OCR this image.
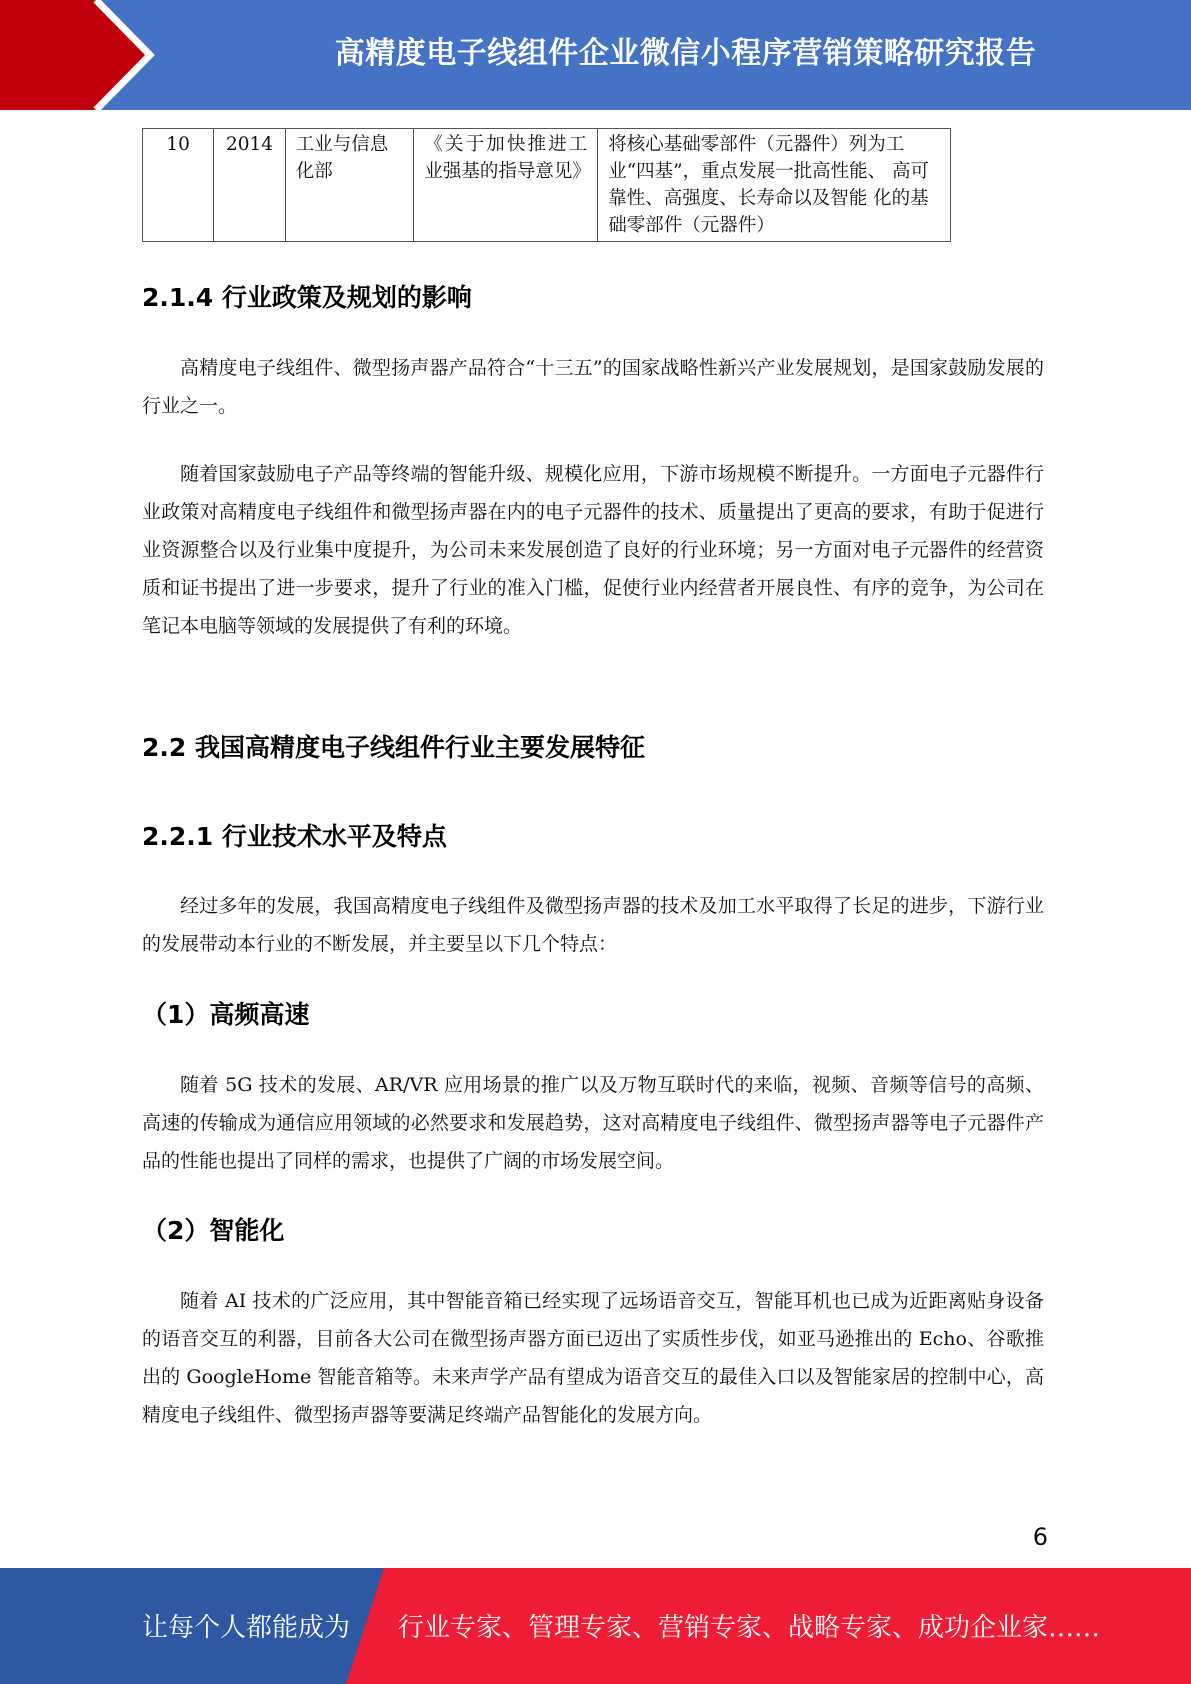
高精度电子线组件企业微信小程序营销策略研究报告
10	2014	工业与信息化部	《关于加快推进工业强基的指导意见》	将核心基础零部件（元器件）列为工业“四基”，重点发展一批高性能、 高可靠性、高强度、长寿命以及智能 化的基础零部件（元器件）
2.1.4 行业政策及规划的影响

高精度电子线组件、微型扬声器产品符合“十三五”的国家战略性新兴产业发展规划，是国家鼓励发展的行业之一。

随着国家鼓励电子产品等终端的智能升级、规模化应用，下游市场规模不断提升。一方面电子元器件行业政策对高精度电子线组件和微型扬声器在内的电子元器件的技术、质量提出了更高的要求，有助于促进行业资源整合以及行业集中度提升，为公司未来发展创造了良好的行业环境；另一方面对电子元器件的经营资质和证书提出了进一步要求，提升了行业的准入门槛，促使行业内经营者开展良性、有序的竞争，为公司在笔记本电脑等领域的发展提供了有利的环境。

2.2 我国高精度电子线组件行业主要发展特征
2.2.1 行业技术水平及特点

经过多年的发展，我国高精度电子线组件及微型扬声器的技术及加工水平取得了长足的进步，下游行业的发展带动本行业的不断发展，并主要呈以下几个特点：

（1）高频高速

随着 5G 技术的发展、AR/VR 应用场景的推广以及万物互联时代的来临，视频、音频等信号的高频、高速的传输成为通信应用领域的必然要求和发展趋势，这对高精度电子线组件、微型扬声器等电子元器件产品的性能也提出了同样的需求，也提供了广阔的市场发展空间。

（2）智能化

随着 AI 技术的广泛应用，其中智能音箱已经实现了远场语音交互，智能耳机也已成为近距离贴身设备的语音交互的利器，目前各大公司在微型扬声器方面已迈出了实质性步伐，如亚马逊推出的 Echo、谷歌推出的 GoogleHome 智能音箱等。未来声学产品有望成为语音交互的最佳入口以及智能家居的控制中心，高精度电子线组件、微型扬声器等要满足终端产品智能化的发展方向。

6
让每个人都能成为 行业专家、管理专家、营销专家、战略专家、成功企业家……
